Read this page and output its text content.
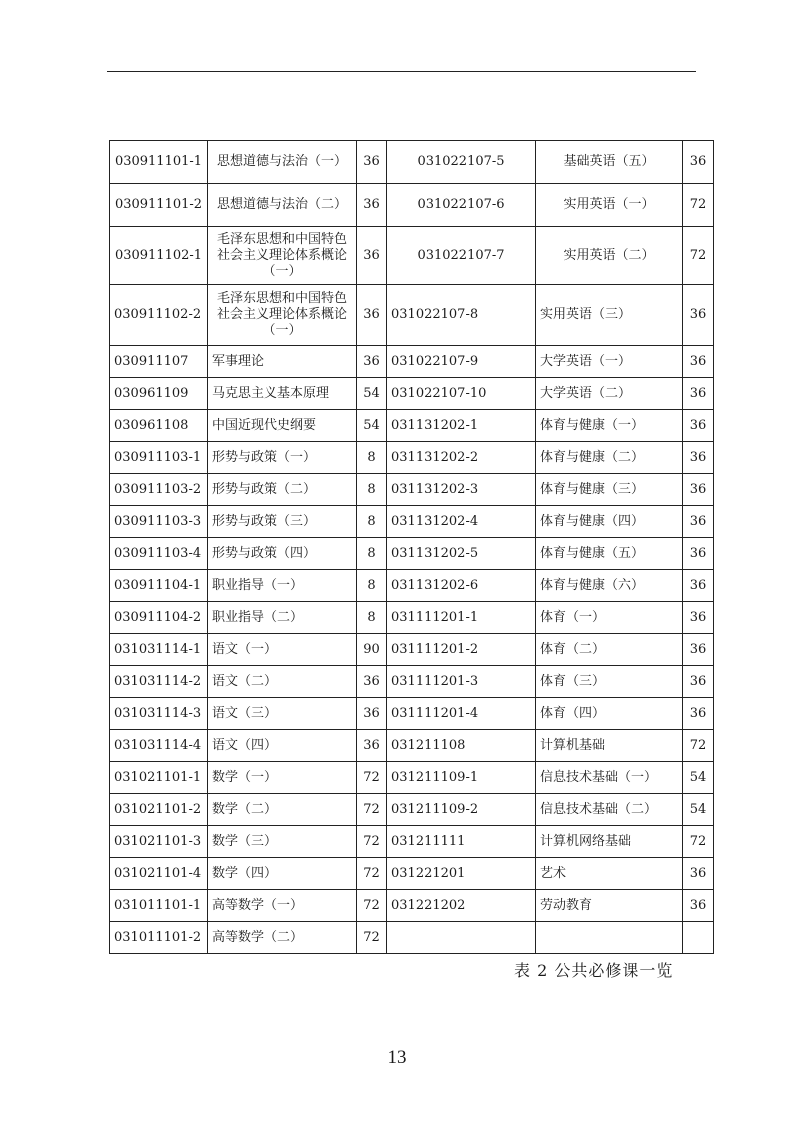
030911101-1	思想道德与法治（一）	36	031022107-5	基础英语（五）	36
030911101-2	思想道德与法治（二）	36	031022107-6	实用英语（一）	72
030911102-1	毛泽东思想和中国特色社会主义理论体系概论（一）	36	031022107-7	实用英语（二）	72
030911102-2	毛泽东思想和中国特色社会主义理论体系概论（一）	36	031022107-8	实用英语（三）	36
030911107	军事理论	36	031022107-9	大学英语（一）	36
030961109	马克思主义基本原理	54	031022107-10	大学英语（二）	36
030961108	中国近现代史纲要	54	031131202-1	体育与健康（一）	36
030911103-1	形势与政策（一）	8	031131202-2	体育与健康（二）	36
030911103-2	形势与政策（二）	8	031131202-3	体育与健康（三）	36
030911103-3	形势与政策（三）	8	031131202-4	体育与健康（四）	36
030911103-4	形势与政策（四）	8	031131202-5	体育与健康（五）	36
030911104-1	职业指导（一）	8	031131202-6	体育与健康（六）	36
030911104-2	职业指导（二）	8	031111201-1	体育（一）	36
031031114-1	语文（一）	90	031111201-2	体育（二）	36
031031114-2	语文（二）	36	031111201-3	体育（三）	36
031031114-3	语文（三）	36	031111201-4	体育（四）	36
031031114-4	语文（四）	36	031211108	计算机基础	72
031021101-1	数学（一）	72	031211109-1	信息技术基础（一）	54
031021101-2	数学（二）	72	031211109-2	信息技术基础（二）	54
031021101-3	数学（三）	72	031211111	计算机网络基础	72
031021101-4	数学（四）	72	031221201	艺术	36
031011101-1	高等数学（一）	72	031221202	劳动教育	36
031011101-2	高等数学（二）	72			
表 2 公共必修课一览
13
